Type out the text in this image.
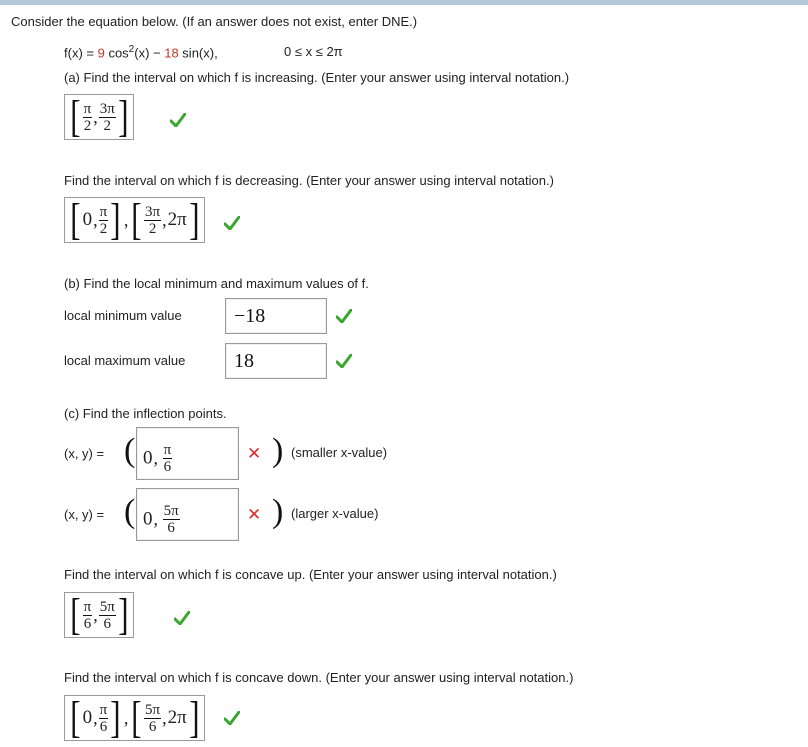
Consider the equation below. (If an answer does not exist, enter DNE.)
f(x) = 9 $\cos^2(x) - 18$ sin(x),	0 ≤ x ≤ 2π
(a) Find the interval on which f is increasing. (Enter your answer using interval notation.)
[ $\frac{\pi}{2}$ , $\frac{3\pi}{2}$ ]
Find the interval on which f is decreasing. (Enter your answer using interval notation.)
[ 0 , $\frac{\pi}{2}$ ] , [ $\frac{3\pi}{2}$ , 2π ]
(b) Find the local minimum and maximum values of f.
local minimum value	−18
local maximum value 18
(c) Find the inflection points.
(x, y) = ( 0, $\frac{\pi}{6}$	✕ ) (smaller x-value)
(x, y) = ( 0, $\frac{5\pi}{6}$	✕ ) (larger x-value)
Find the interval on which f is concave up. (Enter your answer using interval notation.)
[ $\frac{\pi}{6}$ , $\frac{5\pi}{6}$ ]
Find the interval on which f is concave down. (Enter your answer using interval notation.)
[ 0 , $\frac{\pi}{6}$ ] , [ $\frac{5\pi}{6}$ , 2π ]
